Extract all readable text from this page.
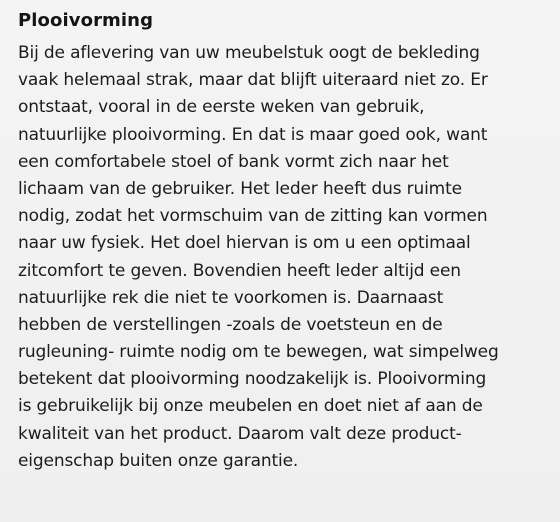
Plooivorming
Bij de aflevering van uw meubelstuk oogt de bekleding
vaak helemaal strak, maar dat blijft uiteraard niet zo. Er
ontstaat, vooral in de eerste weken van gebruik,
natuurlijke plooivorming. En dat is maar goed ook, want
een comfortabele stoel of bank vormt zich naar het
lichaam van de gebruiker. Het leder heeft dus ruimte
nodig, zodat het vormschuim van de zitting kan vormen
naar uw fysiek. Het doel hiervan is om u een optimaal
zitcomfort te geven. Bovendien heeft leder altijd een
natuurlijke rek die niet te voorkomen is. Daarnaast
hebben de verstellingen -zoals de voetsteun en de
rugleuning- ruimte nodig om te bewegen, wat simpelweg
betekent dat plooivorming noodzakelijk is. Plooivorming
is gebruikelijk bij onze meubelen en doet niet af aan de
kwaliteit van het product. Daarom valt deze product-
eigenschap buiten onze garantie.
